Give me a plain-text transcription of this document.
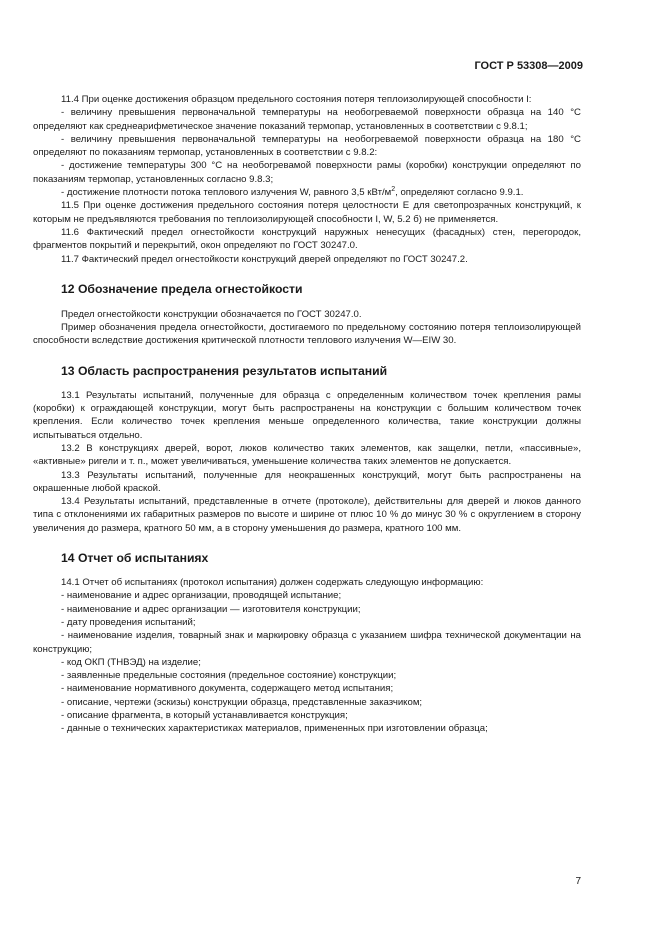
ГОСТ Р 53308—2009

11.4 При оценке достижения образцом предельного состояния потеря теплоизолирующей способности I:

- величину превышения первоначальной температуры на необогреваемой поверхности образца на 140 °С определяют как среднеарифметическое значение показаний термопар, установленных в соответствии с 9.8.1;

- величину превышения первоначальной температуры на необогреваемой поверхности образца на 180 °С определяют по показаниям термопар, установленных в соответствии с 9.8.2:

- достижение температуры 300 °С на необогревамой поверхности рамы (коробки) конструкции определяют по показаниям термопар, установленных согласно 9.8.3;

- достижение плотности потока теплового излучения W, равного 3,5 кВт/$м^2$, определяют согласно 9.9.1.

11.5 При оценке достижения предельного состояния потеря целостности Е для светопрозрачных конструкций, к которым не предъявляются требования по теплоизолирующей способности I, W, 5.2 б) не применяется.

11.6 Фактический предел огнестойкости конструкций наружных ненесущих (фасадных) стен, перегородок, фрагментов покрытий и перекрытий, окон определяют по ГОСТ 30247.0.

11.7 Фактический предел огнестойкости конструкций дверей определяют по ГОСТ 30247.2.

12 Обозначение предела огнестойкости

Предел огнестойкости конструкции обозначается по ГОСТ 30247.0.

Пример обозначения предела огнестойкости, достигаемого по предельному состоянию потеря теплоизолирующей способности вследствие достижения критической плотности теплового излучения W—EIW 30.

13 Область распространения результатов испытаний

13.1 Результаты испытаний, полученные для образца с определенным количеством точек крепления рамы (коробки) к ограждающей конструкции, могут быть распространены на конструкции с большим количеством точек крепления. Если количество точек крепления меньше определенного количества, такие конструкции должны испытываться отдельно.

13.2 В конструкциях дверей, ворот, люков количество таких элементов, как защелки, петли, «пассивные», «активные» ригели и т. п., может увеличиваться, уменьшение количества таких элементов не допускается.

13.3 Результаты испытаний, полученные для неокрашенных конструкций, могут быть распространены на окрашенные любой краской.

13.4 Результаты испытаний, представленные в отчете (протоколе), действительны для дверей и люков данного типа с отклонениями их габаритных размеров по высоте и ширине от плюс 10 % до минус 30 % с округлением в сторону увеличения до размера, кратного 50 мм, а в сторону уменьшения до размера, кратного 100 мм.

14 Отчет об испытаниях

14.1 Отчет об испытаниях (протокол испытания) должен содержать следующую информацию:

- наименование и адрес организации, проводящей испытание;

- наименование и адрес организации — изготовителя конструкции;

- дату проведения испытаний;

- наименование изделия, товарный знак и маркировку образца с указанием шифра технической документации на конструкцию;

- код ОКП (ТНВЭД) на изделие;

- заявленные предельные состояния (предельное состояние) конструкции;

- наименование нормативного документа, содержащего метод испытания;

- описание, чертежи (эскизы) конструкции образца, представленные заказчиком;

- описание фрагмента, в который устанавливается конструкция;

- данные о технических характеристиках материалов, примененных при изготовлении образца;

7
